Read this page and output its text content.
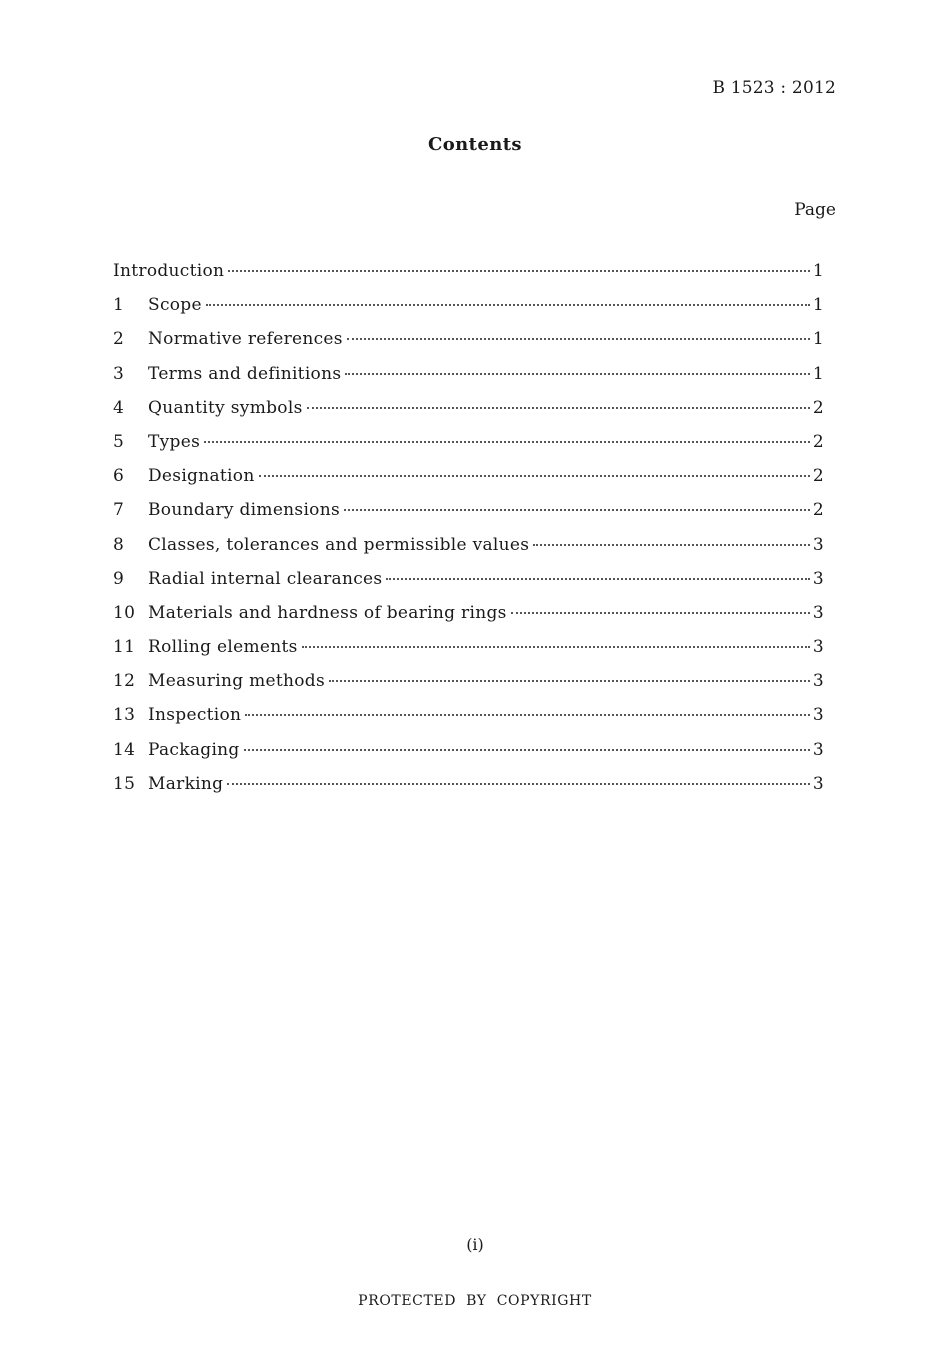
B 1523 : 2012
Contents
Page
Introduction	1
1	Scope	1
2	Normative references	1
3	Terms and definitions	1
4	Quantity symbols	2
5	Types	2
6	Designation	2
7	Boundary dimensions	2
8	Classes, tolerances and permissible values	3
9	Radial internal clearances	3
10 Materials and hardness of bearing rings	3
11 Rolling elements	3
12 Measuring methods	3
13 Inspection	3
14 Packaging	3
15 Marking	3
(i)
PROTECTED  BY  COPYRIGHT
